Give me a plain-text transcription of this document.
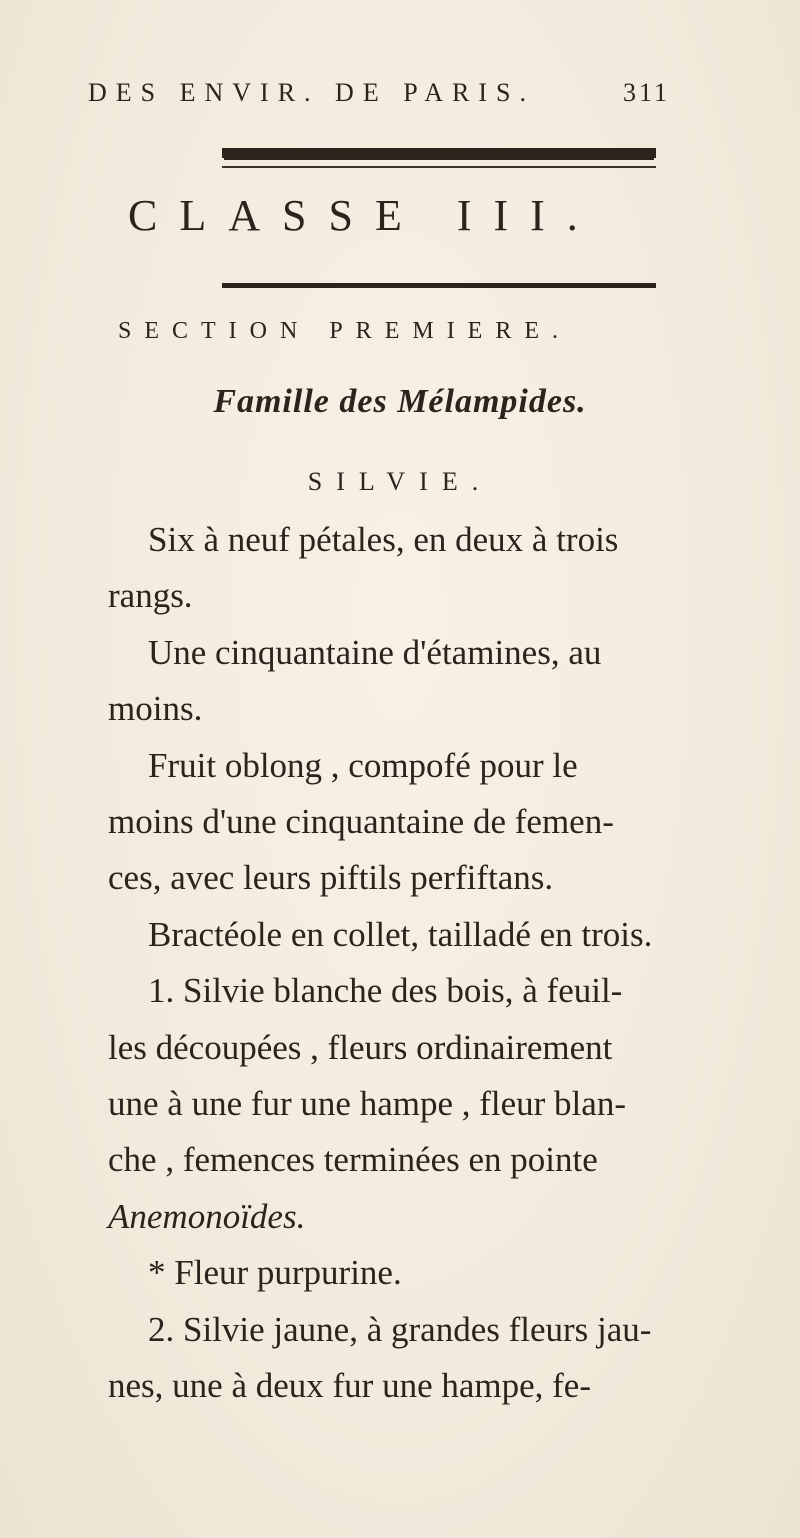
DES ENVIR. DE PARIS.	311
CLASSE III.
SECTION PREMIERE.
Famille des Mélampides.
SILVIE.

Six à neuf pétales, en deux à trois

rangs.

Une cinquantaine d'étamines, au

moins.

Fruit oblong , compofé pour le

moins d'une cinquantaine de femen-

ces, avec leurs piftils perfiftans.

Bractéole en collet, tailladé en trois.

1. Silvie blanche des bois, à feuil-

les découpées , fleurs ordinairement

une à une fur une hampe , fleur blan-

che , femences terminées en pointe

Anemonoïdes.

* Fleur purpurine.

2. Silvie jaune, à grandes fleurs jau-

nes, une à deux fur une hampe, fe-
